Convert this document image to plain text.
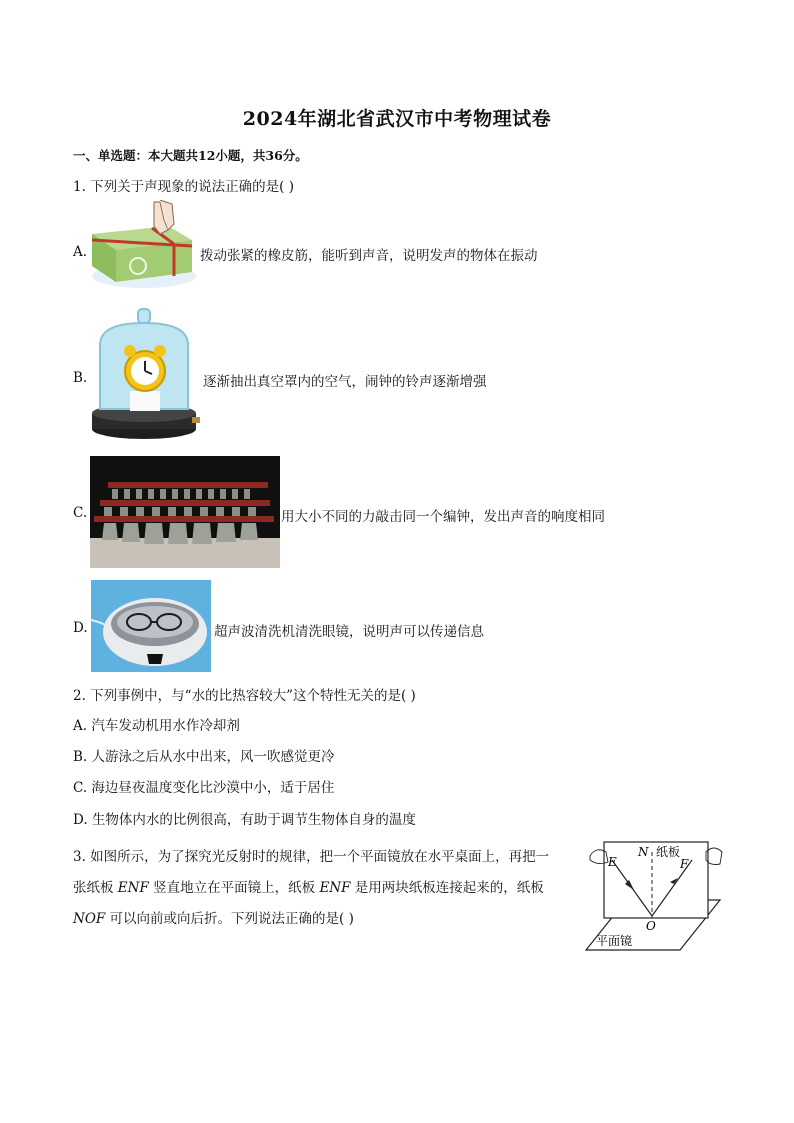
2024年湖北省武汉市中考物理试卷
一、单选题：本大题共12小题，共36分。
1. 下列关于声现象的说法正确的是( )
A.	拨动张紧的橡皮筋，能听到声音，说明发声的物体在振动
B.	逐渐抽出真空罩内的空气，闹钟的铃声逐渐增强
C.	用大小不同的力敲击同一个编钟，发出声音的响度相同
D.	超声波清洗机清洗眼镜，说明声可以传递信息
2. 下列事例中，与“水的比热容较大”这个特性无关的是( )
A. 汽车发动机用水作冷却剂
B. 人游泳之后从水中出来，风一吹感觉更冷
C. 海边昼夜温度变化比沙漠中小，适于居住
D. 生物体内水的比例很高，有助于调节生物体自身的温度
3. 如图所示，为了探究光反射时的规律，把一个平面镜放在水平桌面上，再把一
张纸板 ENF 竖直地立在平面镜上，纸板 ENF 是用两块纸板连接起来的，纸板
NOF 可以向前或向后折。下列说法正确的是( )
E
N 纸板
F
O
平面镜
